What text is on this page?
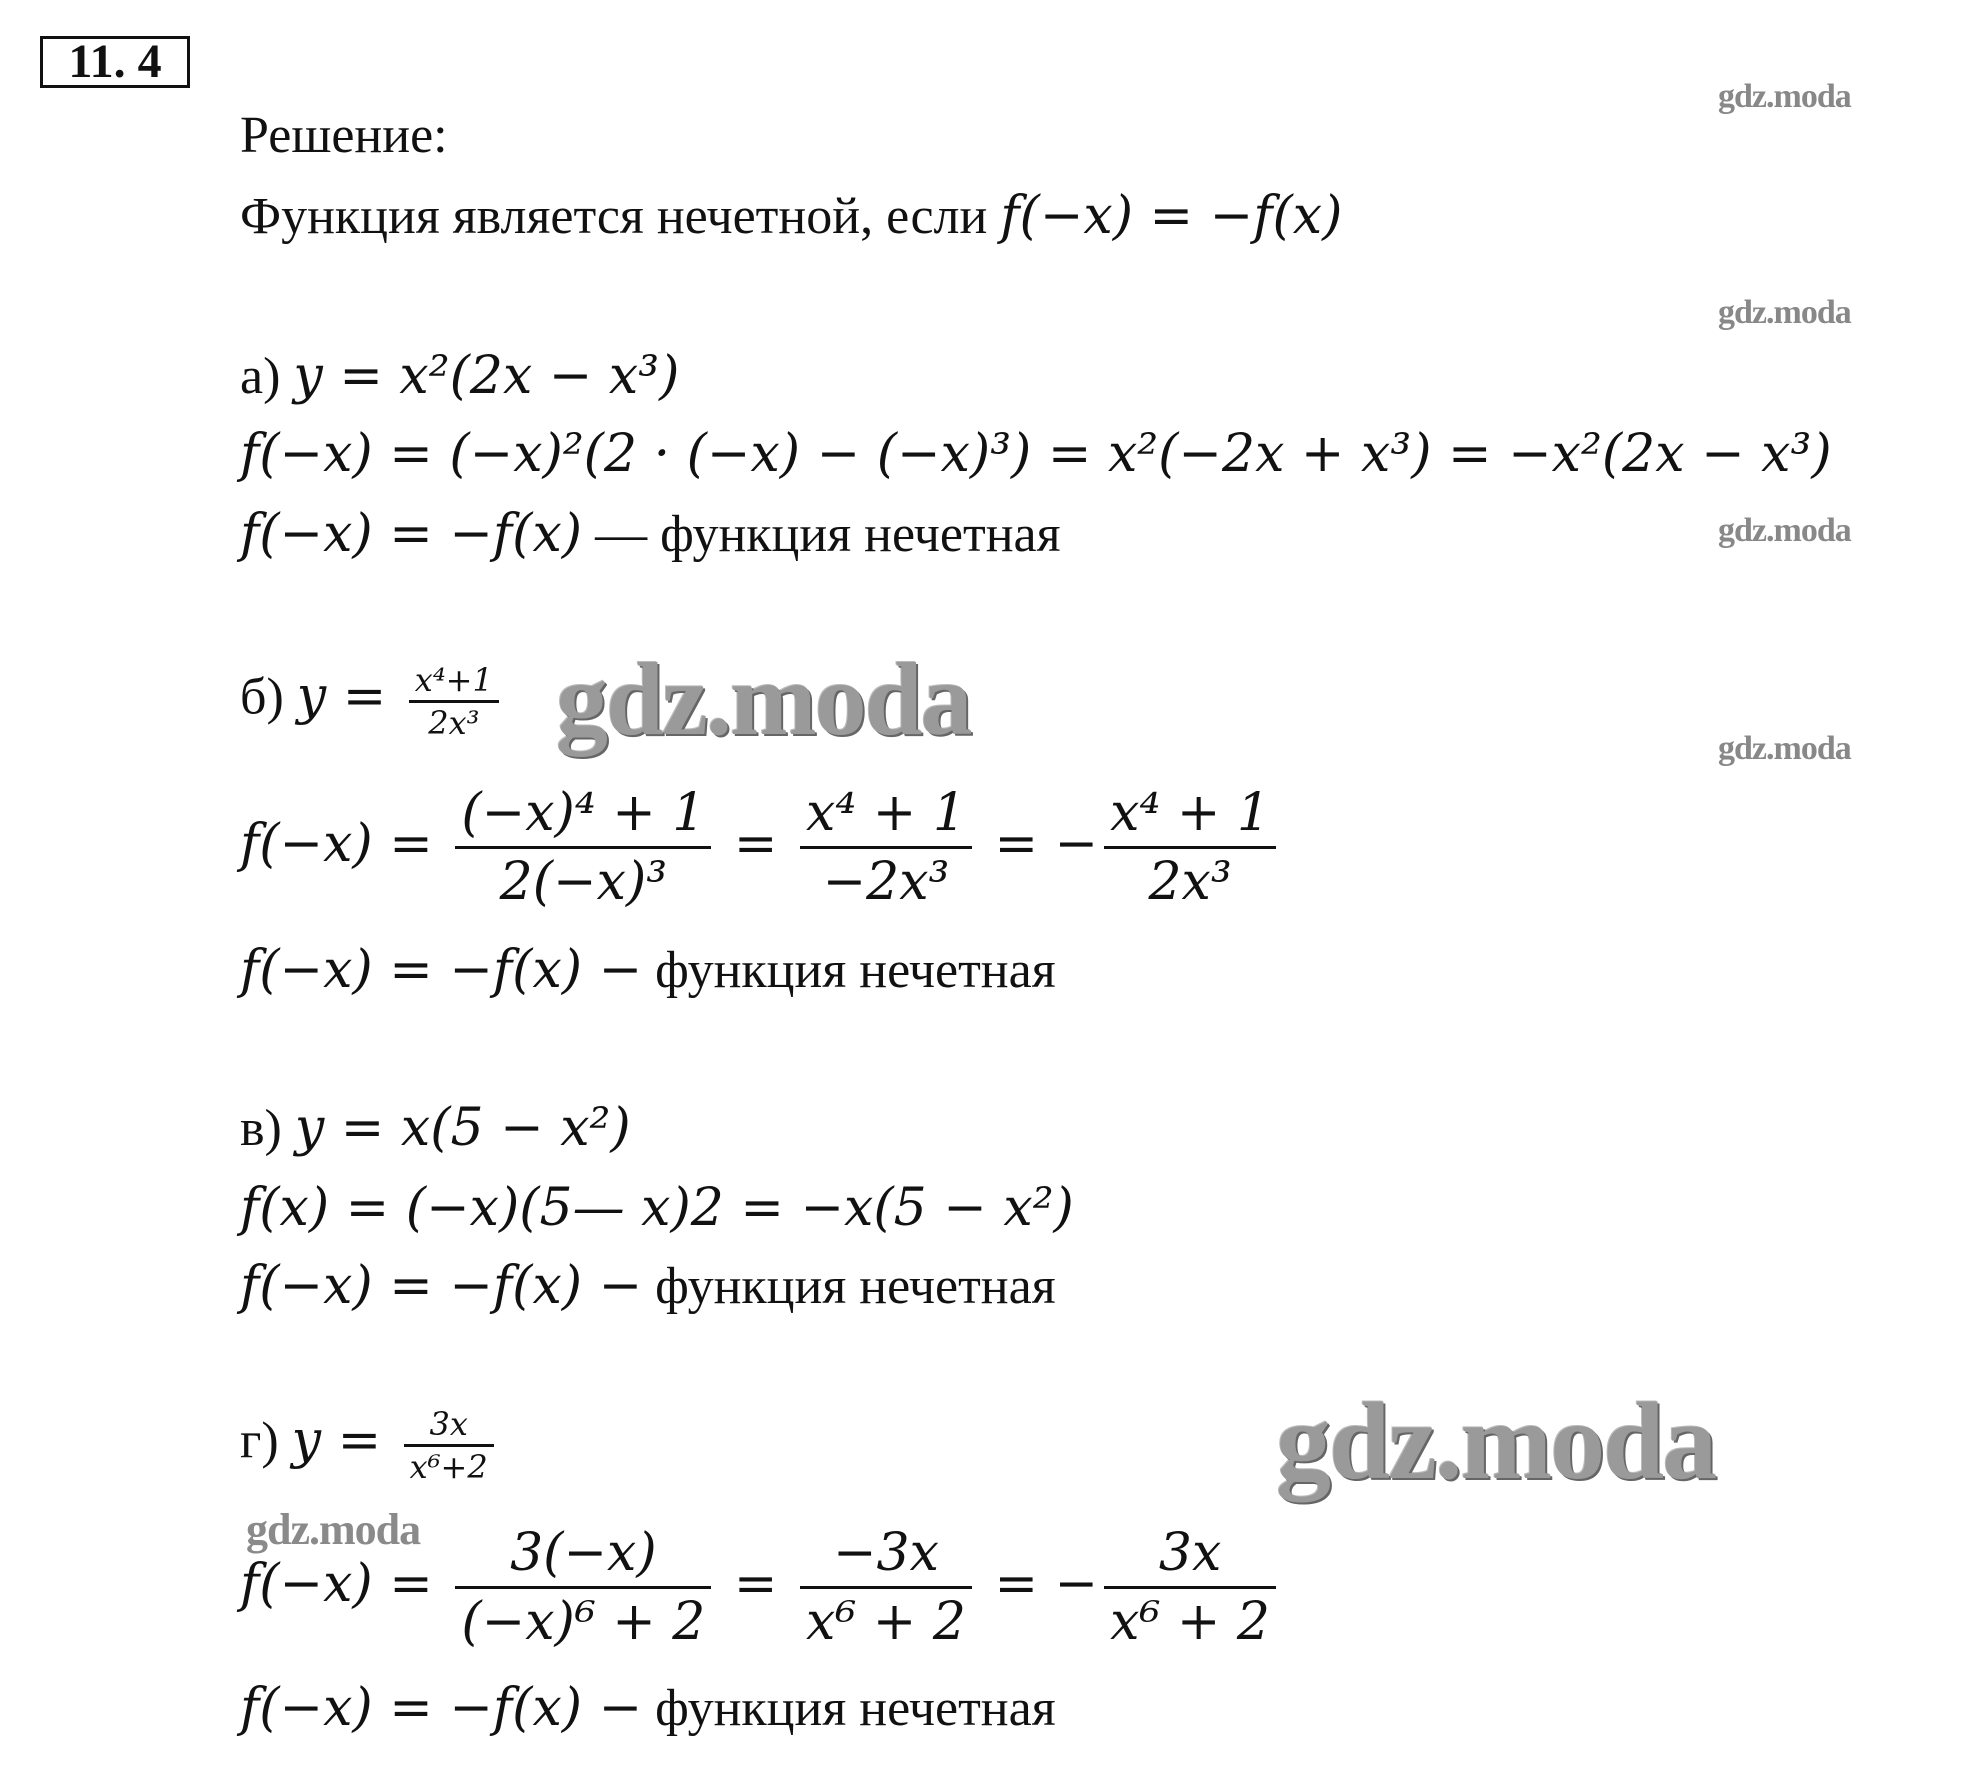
11. 4
Решение:
Функция является нечетной, если f(−x) = −f(x)
а) y = x²(2x − x³)
f(−x) = (−x)²(2 · (−x) − (−x)³) = x²(−2x + x³) = −x²(2x − x³)
f(−x) = −f(x) — функция нечетная
б) $y = \frac{\text{x⁴+1}}{\text{2x³}}$
$f(-x) = \frac{\text{(−x)⁴ + 1}}{\text{2(−x)³}} = \frac{\text{x⁴ + 1}}{\text{−2x³}}$ = − $\frac{\text{x⁴ + 1}}{\text{2x³}}$
f(−x) = −f(x) − функция нечетная
в) y = x(5 − x²)
f(x) = (−x)(5— x)2 = −x(5 − x²)
f(−x) = −f(x) − функция нечетная
г) $y = \frac{3x}{\text{x⁶+2}}$
$f(-x) = \frac{3(-x)}{\text{(−x)⁶ + 2}} = \frac{-3x}{\text{x⁶ + 2}}$ = − $\frac{3x}{\text{x⁶ + 2}}$
f(−x) = −f(x) − функция нечетная
gdz.moda
gdz.moda
gdz.moda
gdz.moda
gdz.moda
gdz.moda
gdz.moda
